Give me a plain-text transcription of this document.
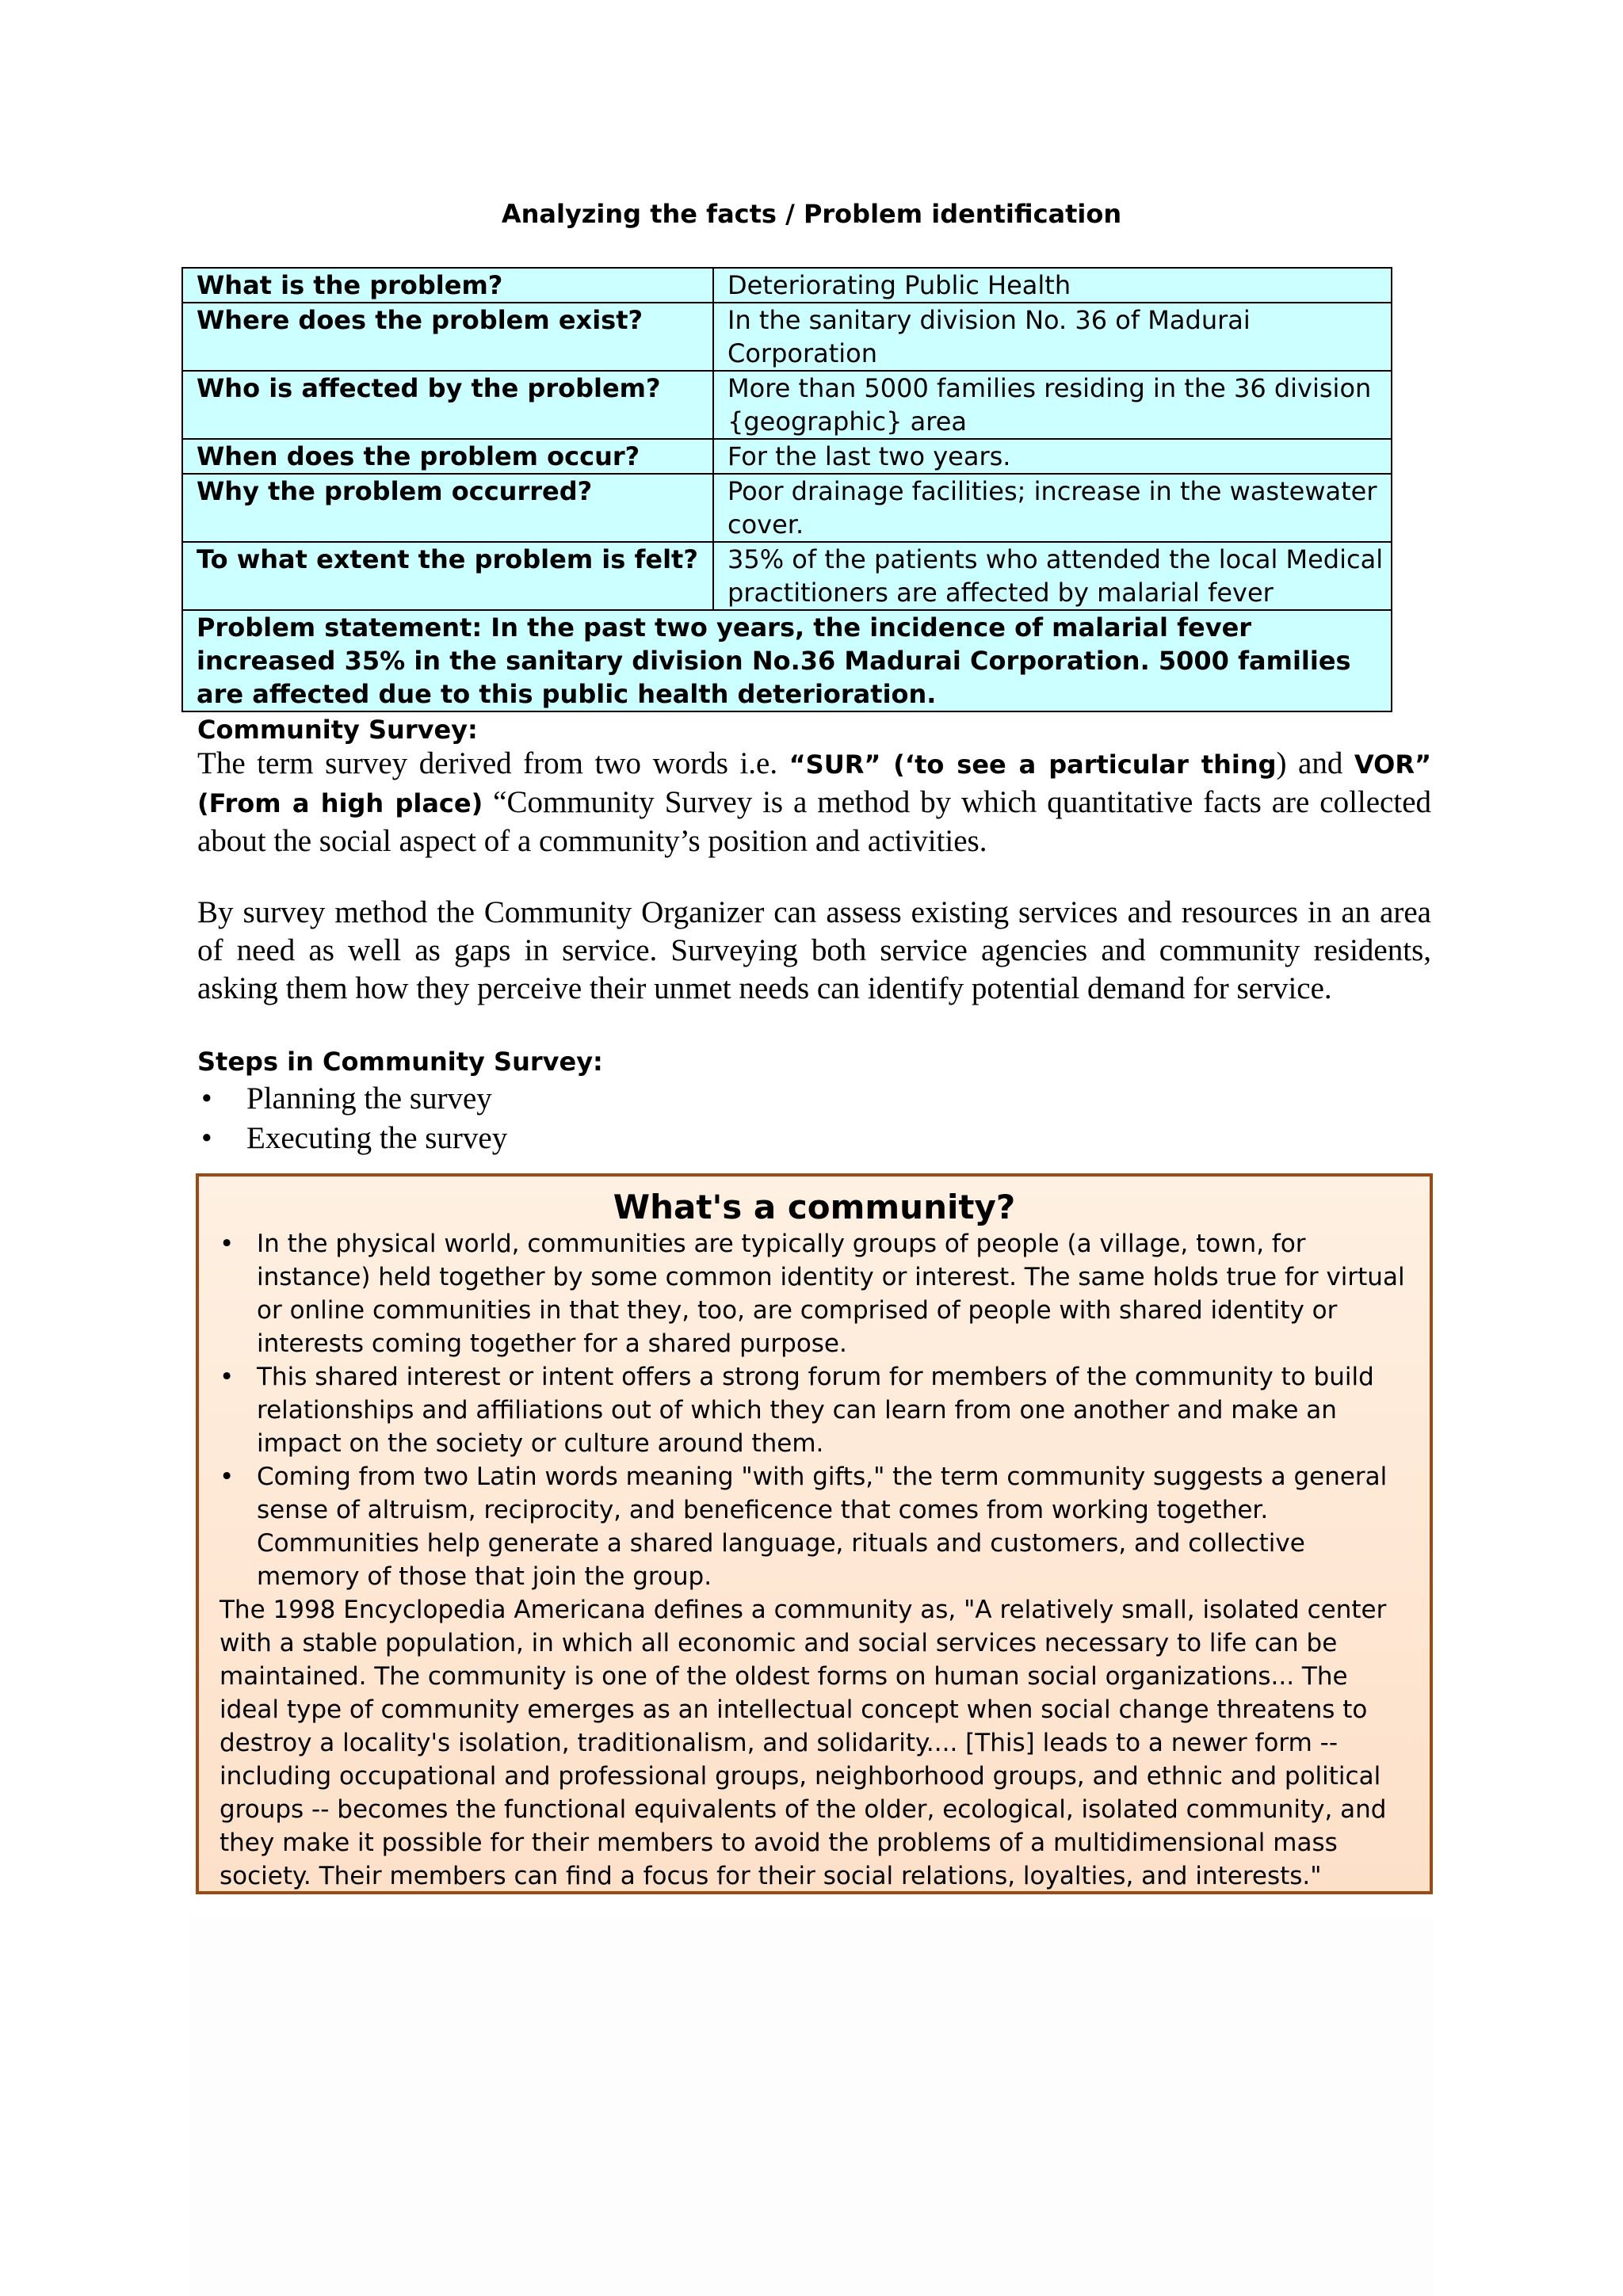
Analyzing the facts / Problem identification
What is the problem?	Deteriorating Public Health
Where does the problem exist?	In the sanitary division No. 36 of Madurai Corporation
Who is affected by the problem?	More than 5000 families residing in the 36 division {geographic} area
When does the problem occur?	For the last two years.
Why the problem occurred?	Poor drainage facilities; increase in the wastewater cover.
To what extent the problem is felt?	35% of the patients who attended the local Medical practitioners are affected by malarial fever
Problem statement: In the past two years, the incidence of malarial fever increased 35% in the sanitary division No.36 Madurai Corporation. 5000 families are affected due to this public health deterioration.	
Community Survey:

The term survey derived from two words i.e. “SUR” (‘to see a particular thing) and VOR” (From a high place) “Community Survey is a method by which quantitative facts are collected about the social aspect of a community’s position and activities.

By survey method the Community Organizer can assess existing services and resources in an area of need as well as gaps in service. Surveying both service agencies and community residents, asking them how they perceive their unmet needs can identify potential demand for service.

Steps in Community Survey:
• Planning the survey
• Executing the survey
What's a community?
• In the physical world, communities are typically groups of people (a village, town, for instance) held together by some common identity or interest. The same holds true for virtual or online communities in that they, too, are comprised of people with shared identity or interests coming together for a shared purpose.
• This shared interest or intent offers a strong forum for members of the community to build relationships and affiliations out of which they can learn from one another and make an impact on the society or culture around them.
• Coming from two Latin words meaning "with gifts," the term community suggests a general sense of altruism, reciprocity, and beneficence that comes from working together. Communities help generate a shared language, rituals and customers, and collective memory of those that join the group.

The 1998 Encyclopedia Americana defines a community as, "A relatively small, isolated center with a stable population, in which all economic and social services necessary to life can be maintained. The community is one of the oldest forms on human social organizations... The ideal type of community emerges as an intellectual concept when social change threatens to destroy a locality's isolation, traditionalism, and solidarity.... [This] leads to a newer form -- including occupational and professional groups, neighborhood groups, and ethnic and political groups -- becomes the functional equivalents of the older, ecological, isolated community, and they make it possible for their members to avoid the problems of a multidimensional mass society. Their members can find a focus for their social relations, loyalties, and interests."
